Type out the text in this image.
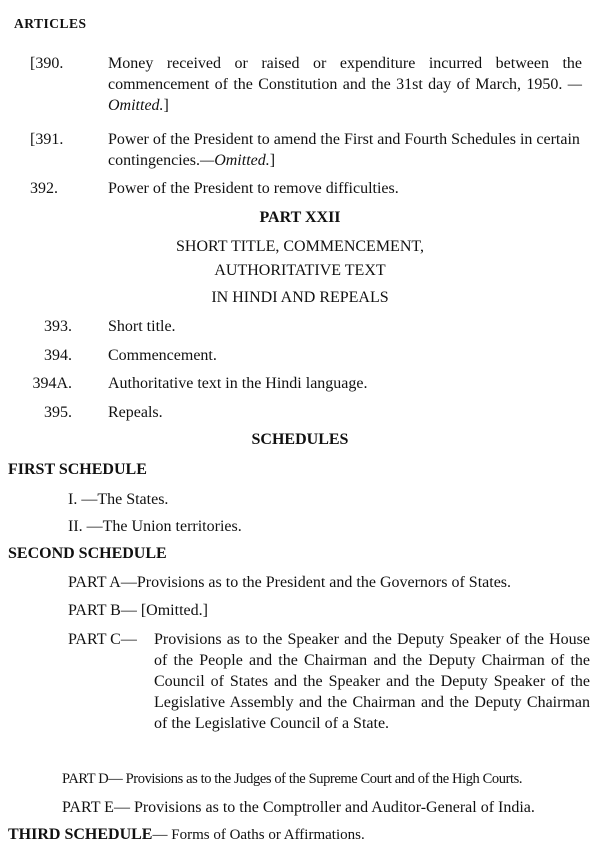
ARTICLES
[390.	Money received or raised or expenditure incurred between the commencement of the Constitution and the 31st day of March, 1950. —Omitted.]
[391.	Power of the President to amend the First and Fourth Schedules in certain contingencies.—Omitted.]
392.	Power of the President to remove difficulties.
PART XXII
SHORT TITLE, COMMENCEMENT,
AUTHORITATIVE TEXT
IN HINDI AND REPEALS
393. Short title.
394. Commencement.
394A. Authoritative text in the Hindi language.
395. Repeals.
SCHEDULES
FIRST SCHEDULE
I. —The States.
II. —The Union territories.
SECOND SCHEDULE
PART A—Provisions as to the President and the Governors of States.
PART B— [Omitted.]
PART C— Provisions as to the Speaker and the Deputy Speaker of the House of the People and the Chairman and the Deputy Chairman of the Council of States and the Speaker and the Deputy Speaker of the Legislative Assembly and the Chairman and the Deputy Chairman of the Legislative Council of a State.
PART D— Provisions as to the Judges of the Supreme Court and of the High Courts.
PART E— Provisions as to the Comptroller and Auditor-General of India.
THIRD SCHEDULE— Forms of Oaths or Affirmations.
